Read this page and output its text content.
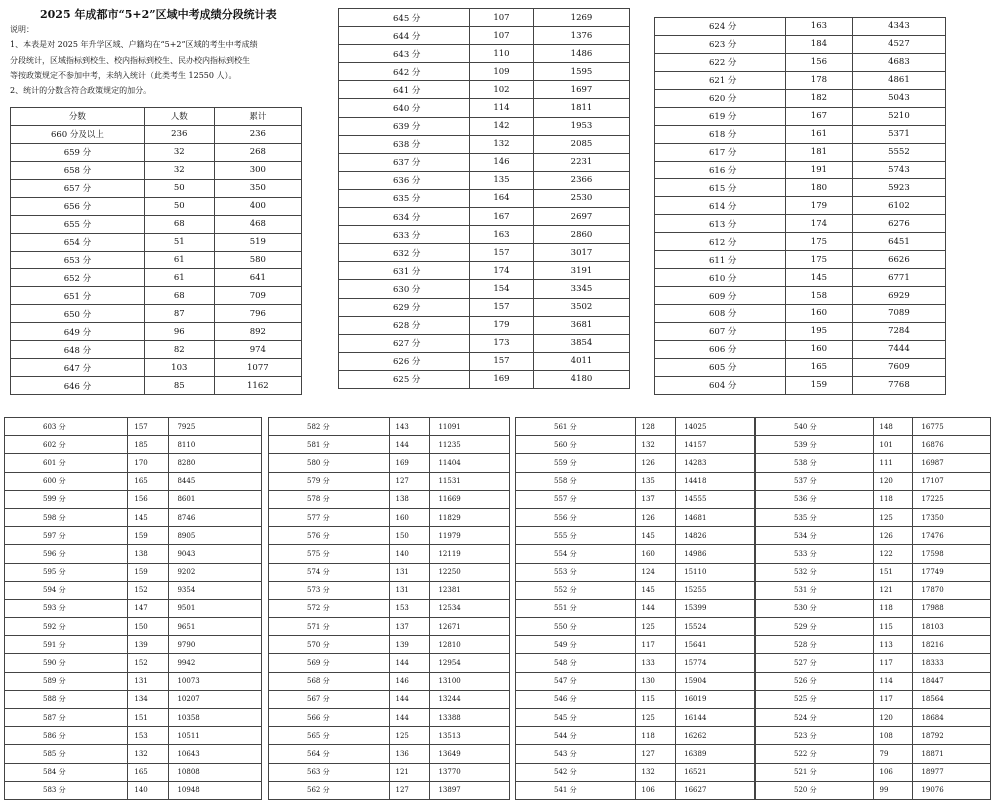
2025 年成都市“5+2”区域中考成绩分段统计表
说明：
1、本表是对 2025 年升学区域、户籍均在“5+2”区域的考生中考成绩
分段统计，区域指标到校生、校内指标到校生、民办校内指标到校生
等按政策规定不参加中考，未纳入统计（此类考生 12550 人）。
2、统计的分数含符合政策规定的加分。
分数	人数	累计
660 分及以上	236	236
659 分	32	268
658 分	32	300
657 分	50	350
656 分	50	400
655 分	68	468
654 分	51	519
653 分	61	580
652 分	61	641
651 分	68	709
650 分	87	796
649 分	96	892
648 分	82	974
647 分	103	1077
646 分	85	1162
645 分	107	1269
644 分	107	1376
643 分	110	1486
642 分	109	1595
641 分	102	1697
640 分	114	1811
639 分	142	1953
638 分	132	2085
637 分	146	2231
636 分	135	2366
635 分	164	2530
634 分	167	2697
633 分	163	2860
632 分	157	3017
631 分	174	3191
630 分	154	3345
629 分	157	3502
628 分	179	3681
627 分	173	3854
626 分	157	4011
625 分	169	4180
624 分	163	4343
623 分	184	4527
622 分	156	4683
621 分	178	4861
620 分	182	5043
619 分	167	5210
618 分	161	5371
617 分	181	5552
616 分	191	5743
615 分	180	5923
614 分	179	6102
613 分	174	6276
612 分	175	6451
611 分	175	6626
610 分	145	6771
609 分	158	6929
608 分	160	7089
607 分	195	7284
606 分	160	7444
605 分	165	7609
604 分	159	7768
603 分	157	7925
602 分	185	8110
601 分	170	8280
600 分	165	8445
599 分	156	8601
598 分	145	8746
597 分	159	8905
596 分	138	9043
595 分	159	9202
594 分	152	9354
593 分	147	9501
592 分	150	9651
591 分	139	9790
590 分	152	9942
589 分	131	10073
588 分	134	10207
587 分	151	10358
586 分	153	10511
585 分	132	10643
584 分	165	10808
583 分	140	10948
582 分	143	11091
581 分	144	11235
580 分	169	11404
579 分	127	11531
578 分	138	11669
577 分	160	11829
576 分	150	11979
575 分	140	12119
574 分	131	12250
573 分	131	12381
572 分	153	12534
571 分	137	12671
570 分	139	12810
569 分	144	12954
568 分	146	13100
567 分	144	13244
566 分	144	13388
565 分	125	13513
564 分	136	13649
563 分	121	13770
562 分	127	13897
561 分	128	14025
560 分	132	14157
559 分	126	14283
558 分	135	14418
557 分	137	14555
556 分	126	14681
555 分	145	14826
554 分	160	14986
553 分	124	15110
552 分	145	15255
551 分	144	15399
550 分	125	15524
549 分	117	15641
548 分	133	15774
547 分	130	15904
546 分	115	16019
545 分	125	16144
544 分	118	16262
543 分	127	16389
542 分	132	16521
541 分	106	16627
540 分	148	16775
539 分	101	16876
538 分	111	16987
537 分	120	17107
536 分	118	17225
535 分	125	17350
534 分	126	17476
533 分	122	17598
532 分	151	17749
531 分	121	17870
530 分	118	17988
529 分	115	18103
528 分	113	18216
527 分	117	18333
526 分	114	18447
525 分	117	18564
524 分	120	18684
523 分	108	18792
522 分	79	18871
521 分	106	18977
520 分	99	19076
